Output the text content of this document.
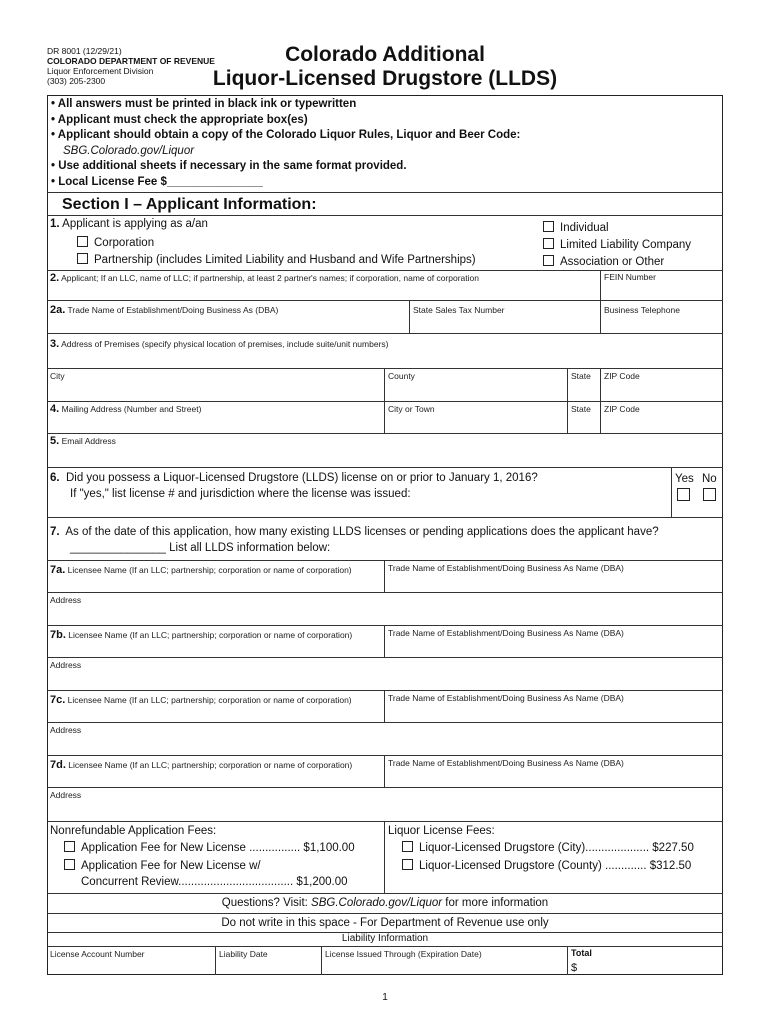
DR 8001 (12/29/21)
COLORADO DEPARTMENT OF REVENUE
Liquor Enforcement Division
(303) 205-2300
Colorado Additional
Liquor-Licensed Drugstore (LLDS)
• All answers must be printed in black ink or typewritten
• Applicant must check the appropriate box(es)
• Applicant should obtain a copy of the Colorado Liquor Rules, Liquor and Beer Code:
SBG.Colorado.gov/Liquor
• Use additional sheets if necessary in the same format provided.
• Local License Fee $_______________
Section I – Applicant Information:
1. Applicant is applying as a/an
Corporation
Partnership (includes Limited Liability and Husband and Wife Partnerships)
Individual
Limited Liability Company
Association or Other
2. Applicant; If an LLC, name of LLC; if partnership, at least 2 partner's names; if corporation, name of corporation	FEIN Number
2a. Trade Name of Establishment/Doing Business As (DBA)	State Sales Tax Number	Business Telephone
3. Address of Premises (specify physical location of premises, include suite/unit numbers)
City	County	State ZIP Code
4. Mailing Address (Number and Street)	City or Town	State ZIP Code
5. Email Address
6. Did you possess a Liquor-Licensed Drugstore (LLDS) license on or prior to January 1, 2016?
If "yes," list license # and jurisdiction where the license was issued:
Yes No
7. As of the date of this application, how many existing LLDS licenses or pending applications does the applicant have?
_______________ List all LLDS information below:
7a. Licensee Name (If an LLC; partnership; corporation or name of corporation)	Trade Name of Establishment/Doing Business As Name (DBA)
Address
7b. Licensee Name (If an LLC; partnership; corporation or name of corporation)	Trade Name of Establishment/Doing Business As Name (DBA)
Address
7c. Licensee Name (If an LLC; partnership; corporation or name of corporation)	Trade Name of Establishment/Doing Business As Name (DBA)
Address
7d. Licensee Name (If an LLC; partnership; corporation or name of corporation)	Trade Name of Establishment/Doing Business As Name (DBA)
Address
Nonrefundable Application Fees:
Application Fee for New License ................ $1,100.00
Application Fee for New License w/
Concurrent Review.................................... $1,200.00
Liquor License Fees:
Liquor-Licensed Drugstore (City).................... $227.50
Liquor-Licensed Drugstore (County) ............. $312.50
Questions? Visit: SBG.Colorado.gov/Liquor for more information
Do not write in this space - For Department of Revenue use only
Liability Information
License Account Number	Liability Date	License Issued Through (Expiration Date)	Total
$
1
